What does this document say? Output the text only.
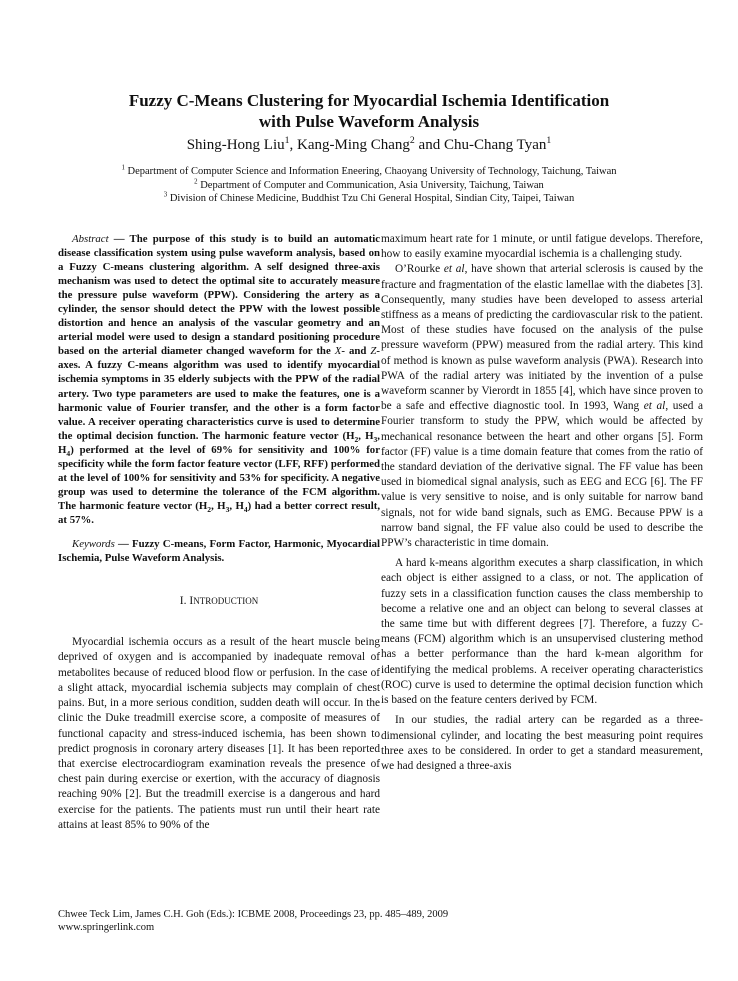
Fuzzy C-Means Clustering for Myocardial Ischemia Identification
with Pulse Waveform Analysis
Shing-Hong Liu$^1$, Kang-Ming Chang$^2$ and Chu-Chang Tyan$^1$
$^1$ Department of Computer Science and Information Eneering, Chaoyang University of Technology, Taichung, Taiwan
$^2$ Department of Computer and Communication, Asia University, Taichung, Taiwan
$^3$ Division of Chinese Medicine, Buddhist Tzu Chi General Hospital, Sindian City, Taipei, Taiwan
Abstract — The purpose of this study is to build an automatic disease classification system using pulse waveform analysis, based on a Fuzzy C-means clustering algorithm. A self designed three-axis mechanism was used to detect the optimal site to accurately measure the pressure pulse waveform (PPW). Considering the artery as a cylinder, the sensor should detect the PPW with the lowest possible distortion and hence an analysis of the vascular geometry and an arterial model were used to design a standard positioning procedure based on the arterial diameter changed waveform for the X- and Z-axes. A fuzzy C-means algorithm was used to identify myocardial ischemia symptoms in 35 elderly subjects with the PPW of the radial artery. Two type parameters are used to make the features, one is a harmonic value of Fourier transfer, and the other is a form factor value. A receiver operating characteristics curve is used to determine the optimal decision function. The harmonic feature vector ($H_2$, $H_3$, $H_4$) performed at the level of 69% for sensitivity and 100% for specificity while the form factor feature vector (LFF, RFF) performed at the level of 100% for sensitivity and 53% for specificity. A negative group was used to determine the tolerance of the FCM algorithm. The harmonic feature vector ($H_2$, $H_3$, $H_4$) had a better correct result, at 57%.
Keywords — Fuzzy C-means, Form Factor, Harmonic, Myocardial Ischemia, Pulse Waveform Analysis.
I. INTRODUCTION

Myocardial ischemia occurs as a result of the heart muscle being deprived of oxygen and is accompanied by inadequate removal of metabolites because of reduced blood flow or perfusion. In the case of a slight attack, myocardial ischemia subjects may complain of chest pains. But, in a more serious condition, sudden death will occur. In the clinic the Duke treadmill exercise score, a composite of measures of functional capacity and stress-induced ischemia, has been shown to predict prognosis in coronary artery diseases [1]. It has been reported that exercise electrocardiogram examination reveals the presence of chest pain during exercise or exertion, with the accuracy of diagnosis reaching 90% [2]. But the treadmill exercise is a dangerous and hard exercise for the patients. The patients must run until their heart rate attains at least 85% to 90% of the

maximum heart rate for 1 minute, or until fatigue develops. Therefore, how to easily examine myocardial ischemia is a challenging study.

O’Rourke et al, have shown that arterial sclerosis is caused by the fracture and fragmentation of the elastic lamellae with the diabetes [3]. Consequently, many studies have been developed to assess arterial stiffness as a means of predicting the cardiovascular risk to the patient. Most of these studies have focused on the analysis of the pulse pressure waveform (PPW) measured from the radial artery. This kind of method is known as pulse waveform analysis (PWA). Research into PWA of the radial artery was initiated by the invention of a pulse waveform scanner by Vierordt in 1855 [4], which have since proven to be a safe and effective diagnostic tool. In 1993, Wang et al, used a Fourier transform to study the PPW, which would be affected by mechanical resonance between the heart and other organs [5]. Form factor (FF) value is a time domain feature that comes from the ratio of the standard deviation of the derivative signal. The FF value has been used in biomedical signal analysis, such as EEG and ECG [6]. The FF value is very sensitive to noise, and is only suitable for narrow band signals, not for wide band signals, such as EMG. Because PPW is a narrow band signal, the FF value also could be used to describe the PPW’s characteristic in time domain.

A hard k-means algorithm executes a sharp classification, in which each object is either assigned to a class, or not. The application of fuzzy sets in a classification function causes the class membership to become a relative one and an object can belong to several classes at the same time but with different degrees [7]. Therefore, a fuzzy C-means (FCM) algorithm which is an unsupervised clustering method has a better performance than the hard k-mean algorithm for identifying the medical problems. A receiver operating characteristics (ROC) curve is used to determine the optimal decision function which is based on the feature centers derived by FCM.

In our studies, the radial artery can be regarded as a three-dimensional cylinder, and locating the best measuring point requires three axes to be considered. In order to get a standard measurement, we had designed a three-axis

Chwee Teck Lim, James C.H. Goh (Eds.): ICBME 2008, Proceedings 23, pp. 485–489, 2009
www.springerlink.com
